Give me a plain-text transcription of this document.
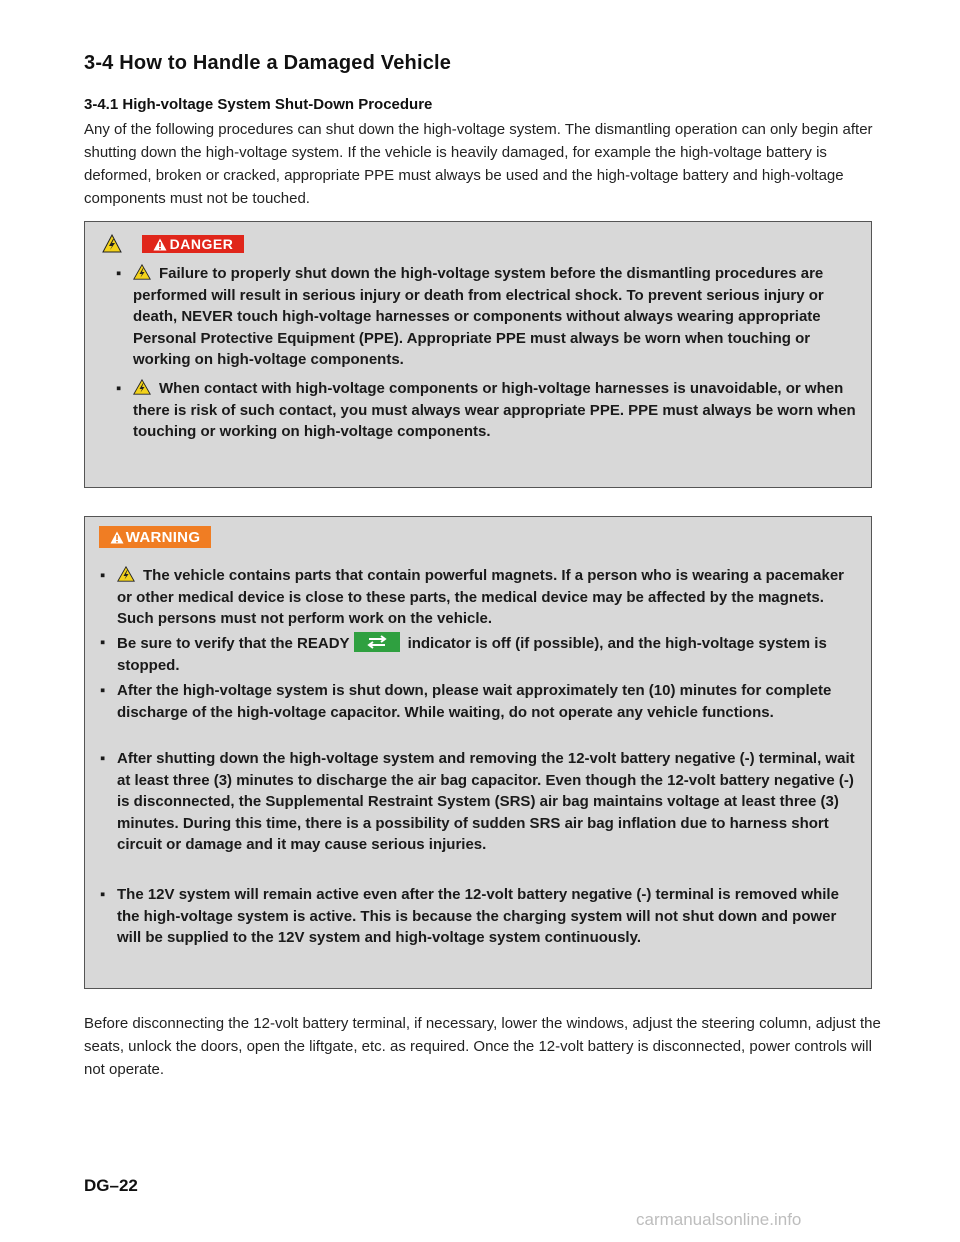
3-4 How to Handle a Damaged Vehicle
3-4.1 High-voltage System Shut-Down Procedure

Any of the following procedures can shut down the high-voltage system. The dismantling operation can only begin after shutting down the high-voltage system. If the vehicle is heavily damaged, for example the high-voltage battery is deformed, broken or cracked, appropriate PPE must always be used and the high-voltage battery and high-voltage components must not be touched.

DANGER
▪	Failure to properly shut down the high-voltage system before the dismantling procedures are performed will result in serious injury or death from electrical shock. To prevent serious injury or death, NEVER touch high-voltage harnesses or components without always wearing appropriate Personal Protective Equipment (PPE). Appropriate PPE must always be worn when touching or working on high-voltage components.
▪	When contact with high-voltage components or high-voltage harnesses is unavoidable, or when there is risk of such contact, you must always wear appropriate PPE. PPE must always be worn when touching or working on high-voltage components.
WARNING
▪	The vehicle contains parts that contain powerful magnets. If a person who is wearing a pacemaker or other medical device is close to these parts, the medical device may be affected by the magnets. Such persons must not perform work on the vehicle.
▪ Be sure to verify that the READY	indicator is off (if possible), and the high-voltage system is stopped.
▪ After the high-voltage system is shut down, please wait approximately ten (10) minutes for complete discharge of the high-voltage capacitor. While waiting, do not operate any vehicle functions.
▪ After shutting down the high-voltage system and removing the 12-volt battery negative (-) terminal, wait at least three (3) minutes to discharge the air bag capacitor. Even though the 12-volt battery negative (-) is disconnected, the Supplemental Restraint System (SRS) air bag maintains voltage at least three (3) minutes. During this time, there is a possibility of sudden SRS air bag inflation due to harness short circuit or damage and it may cause serious injuries.
▪ The 12V system will remain active even after the 12-volt battery negative (-) terminal is removed while the high-voltage system is active. This is because the charging system will not shut down and power will be supplied to the 12V system and high-voltage system continuously.

Before disconnecting the 12-volt battery terminal, if necessary, lower the windows, adjust the steering column, adjust the seats, unlock the doors, open the liftgate, etc. as required. Once the 12-volt battery is disconnected, power controls will not operate.

DG–22
carmanualsonline.info
